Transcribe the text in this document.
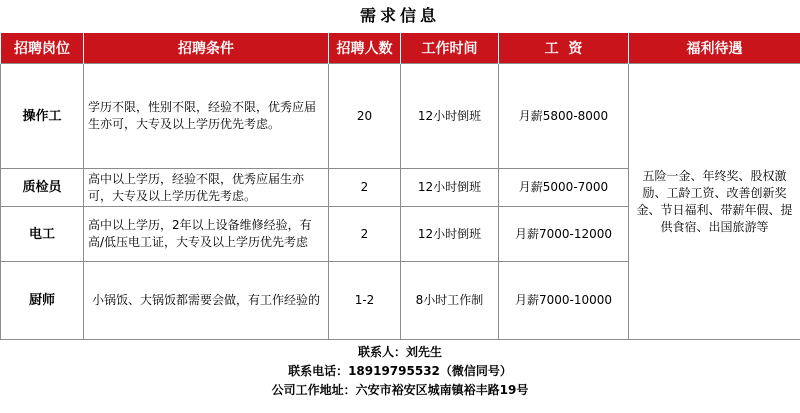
需求信息
招聘岗位	招聘条件	招聘人数	工作时间	工  资	福利待遇
操作工	学历不限，性别不限，经验不限，优秀应届生亦可，大专及以上学历优先考虑。	20	12小时倒班	月薪5800-8000	五险一金、年终奖、股权激励、工龄工资、改善创新奖金、节日福利、带薪年假、提供食宿、出国旅游等
质检员	高中以上学历，经验不限，优秀应届生亦可，大专及以上学历优先考虑。	2	12小时倒班	月薪5000-7000	
电工	高中以上学历，2年以上设备维修经验，有高/低压电工证，大专及以上学历优先考虑	2	12小时倒班	月薪7000-12000	
厨师	小锅饭、大锅饭都需要会做，有工作经验的	1-2	8小时工作制	月薪7000-10000	
联系人：刘先生
联系电话：18919795532（微信同号）
公司工作地址：六安市裕安区城南镇裕丰路19号
